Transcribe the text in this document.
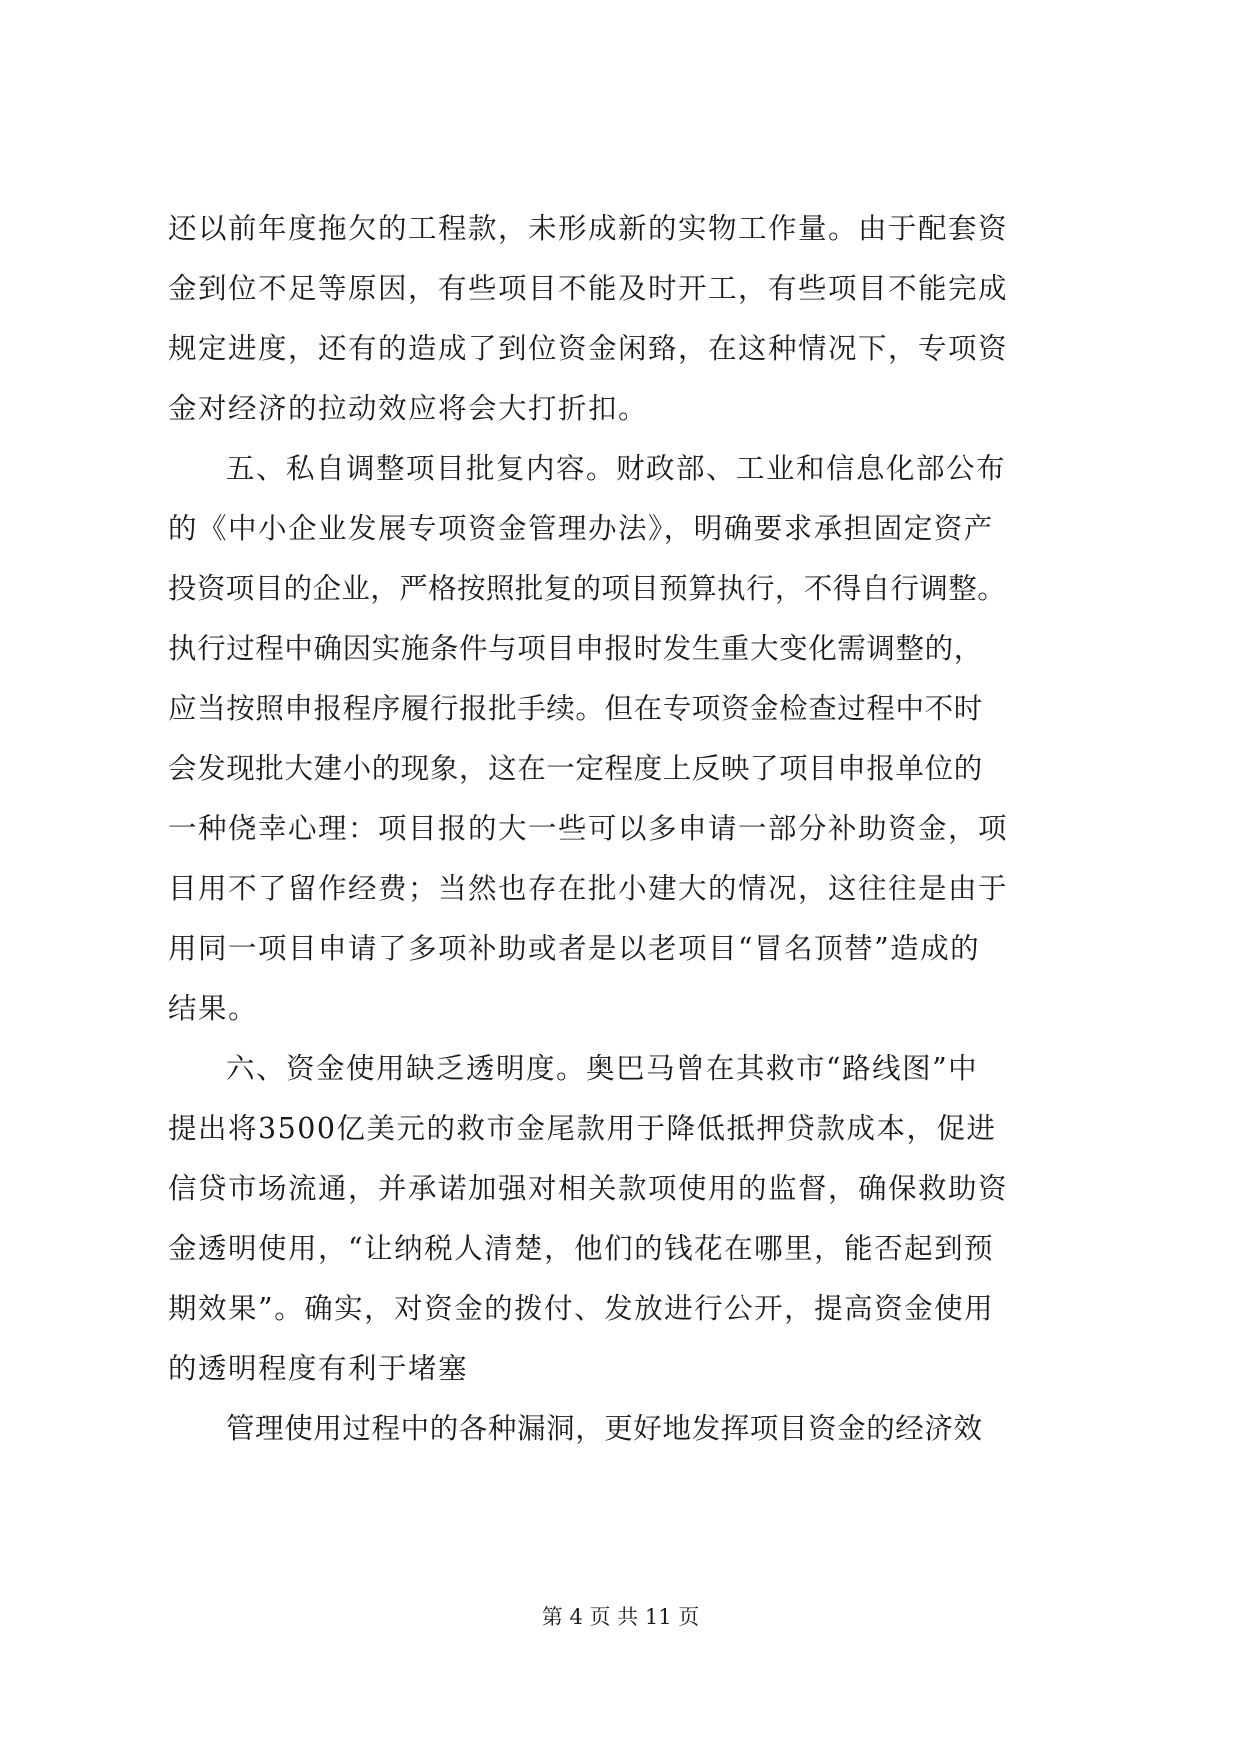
还以前年度拖欠的工程款，未形成新的实物工作量。由于配套资
金到位不足等原因，有些项目不能及时开工，有些项目不能完成
规定进度，还有的造成了到位资金闲臵，在这种情况下，专项资
金对经济的拉动效应将会大打折扣。
五、私自调整项目批复内容。财政部、工业和信息化部公布
的《中小企业发展专项资金管理办法》，明确要求承担固定资产
投资项目的企业，严格按照批复的项目预算执行，不得自行调整。
执行过程中确因实施条件与项目申报时发生重大变化需调整的，
应当按照申报程序履行报批手续。但在专项资金检查过程中不时
会发现批大建小的现象，这在一定程度上反映了项目申报单位的
一种侥幸心理：项目报的大一些可以多申请一部分补助资金，项
目用不了留作经费；当然也存在批小建大的情况，这往往是由于
用同一项目申请了多项补助或者是以老项目“冒名顶替”造成的
结果。
六、资金使用缺乏透明度。奥巴马曾在其救市“路线图”中
提出将3500亿美元的救市金尾款用于降低抵押贷款成本，促进
信贷市场流通，并承诺加强对相关款项使用的监督，确保救助资
金透明使用，“让纳税人清楚，他们的钱花在哪里，能否起到预
期效果”。确实，对资金的拨付、发放进行公开，提高资金使用
的透明程度有利于堵塞
管理使用过程中的各种漏洞，更好地发挥项目资金的经济效
第 4 页 共 11 页
